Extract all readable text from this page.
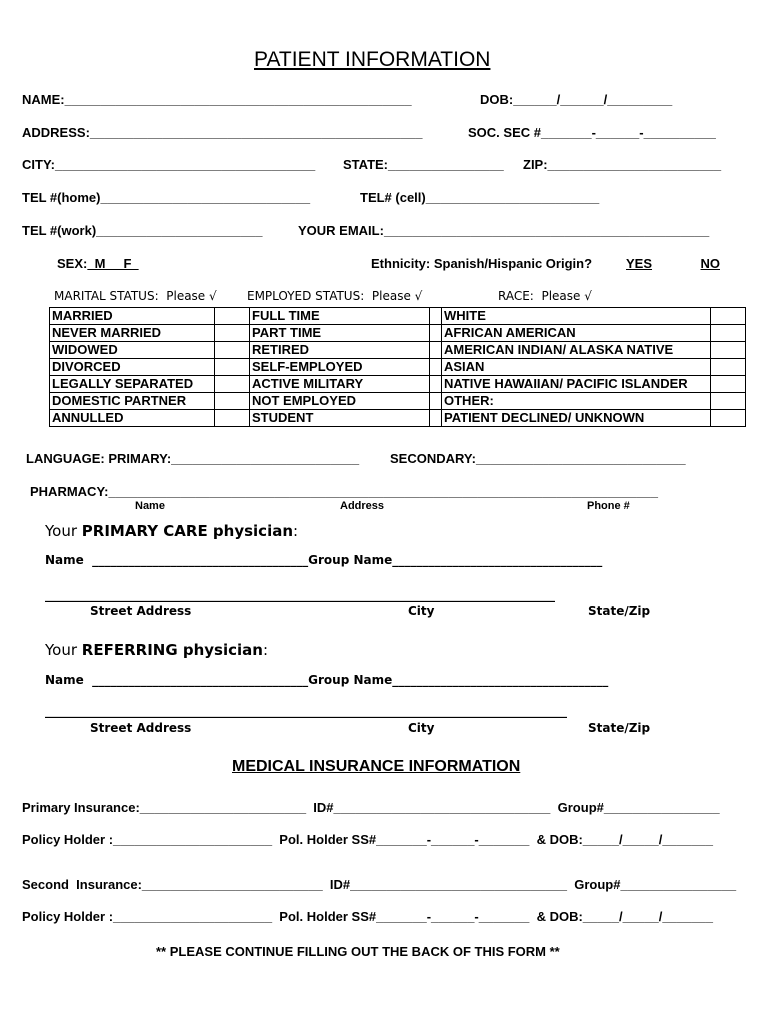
PATIENT INFORMATION
NAME:________________________________________________	DOB:______/______/_________
ADDRESS:______________________________________________	SOC. SEC #_______-______-__________
CITY:____________________________________ STATE:________________ ZIP:________________________
TEL #(home)_____________________________	TEL# (cell)________________________
TEL #(work)_______________________	YOUR EMAIL:_____________________________________________
SEX:  M     F	Ethnicity: Spanish/Hispanic Origin?	YES	NO
MARITAL STATUS:  Please √	EMPLOYED STATUS:  Please √	RACE:  Please √
MARRIED		FULL TIME		WHITE	
NEVER MARRIED		PART TIME		AFRICAN AMERICAN	
WIDOWED		RETIRED		AMERICAN INDIAN/ ALASKA NATIVE	
DIVORCED		SELF-EMPLOYED		ASIAN	
LEGALLY SEPARATED		ACTIVE MILITARY		NATIVE HAWAIIAN/ PACIFIC ISLANDER	
DOMESTIC PARTNER		NOT EMPLOYED		OTHER:	
ANNULLED		STUDENT		PATIENT DECLINED/ UNKNOWN	
LANGUAGE: PRIMARY:__________________________ SECONDARY:_____________________________
PHARMACY:____________________________________________________________________________
Name	Address	Phone #
Your PRIMARY CARE physician:
Name  ____________________________________Group Name___________________________________
_____________________________________________________________________________________
Street Address	City	State/Zip
Your REFERRING physician:
Name  ____________________________________Group Name____________________________________
_______________________________________________________________________________________
Street Address	City	State/Zip
MEDICAL INSURANCE INFORMATION
Primary Insurance:_______________________  ID#______________________________  Group#________________
Policy Holder :______________________  Pol. Holder SS#_______-______-_______  & DOB:_____/_____/_______
Second  Insurance:_________________________  ID#______________________________  Group#________________
Policy Holder :______________________  Pol. Holder SS#_______-______-_______  & DOB:_____/_____/_______
** PLEASE CONTINUE FILLING OUT THE BACK OF THIS FORM **
